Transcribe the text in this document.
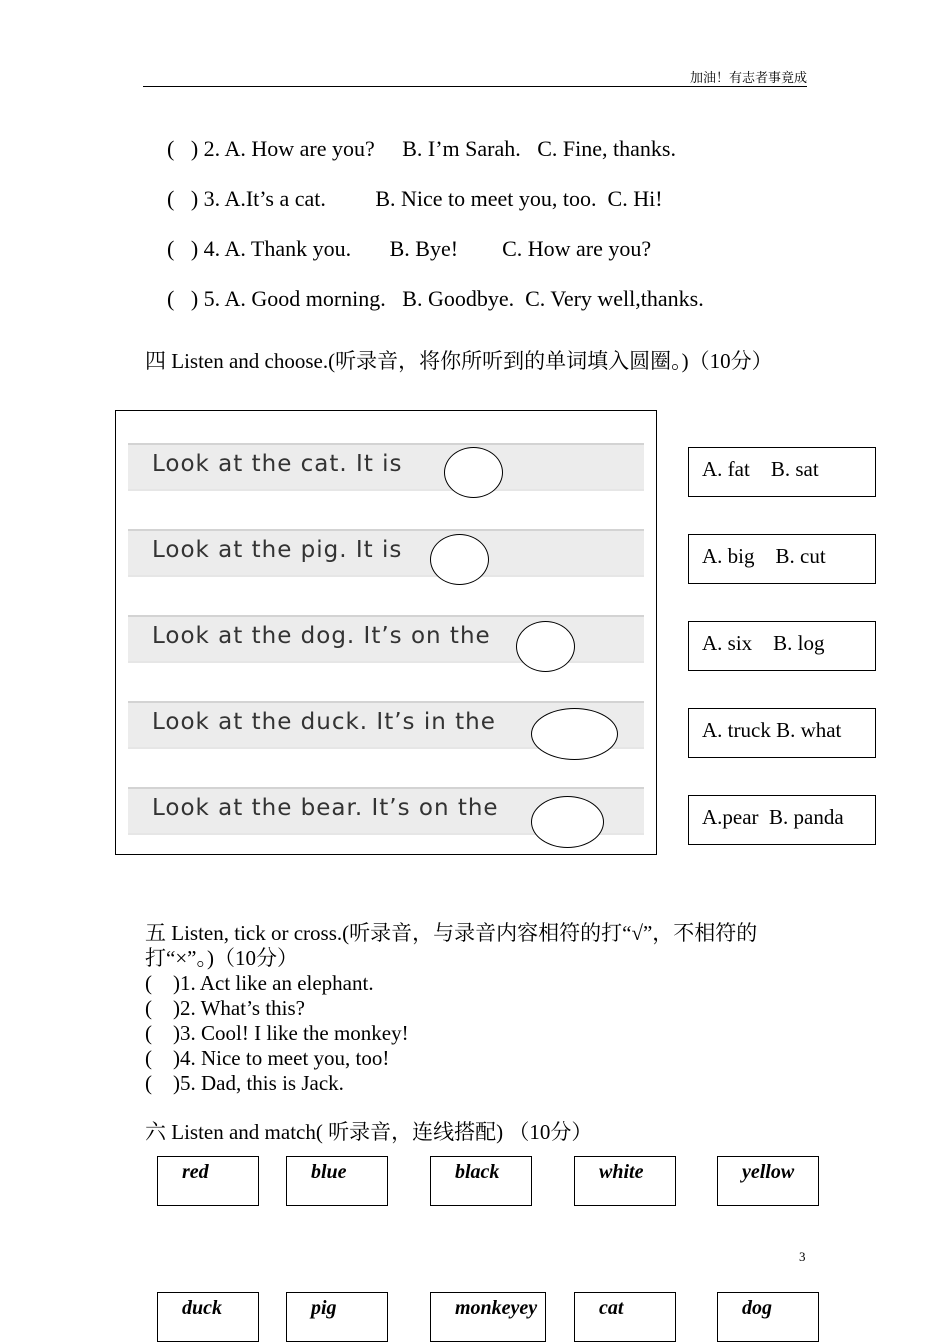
加油！有志者事竟成
(   ) 2. A. How are you?     B. I’m Sarah.   C. Fine, thanks.
(   ) 3. A.It’s a cat.         B. Nice to meet you, too.  C. Hi!
(   ) 4. A. Thank you.       B. Bye!        C. How are you?
(   ) 5. A. Good morning.   B. Goodbye.  C. Very well,thanks.
四 Listen and choose.(听录音，将你所听到的单词填入圆圈。)（10分）
Look at the cat. It is
Look at the pig. It is
Look at the dog. It’s on the
Look at the duck. It’s in the
Look at the bear. It’s on the
A. fat    B. sat
A. big    B. cut
A. six    B. log
A. truck B. what
A.pear  B. panda
五 Listen, tick or cross.(听录音，与录音内容相符的打“√”，不相符的打“×”。)（10分）
(    )1. Act like an elephant.
(    )2. What’s this?
(    )3. Cool! I like the monkey!
(    )4. Nice to meet you, too!
(    )5. Dad, this is Jack.
六 Listen and match( 听录音，连线搭配) （10分）
red	blue	black	white	yellow
3
duck	pig	monkeyey	cat	dog
